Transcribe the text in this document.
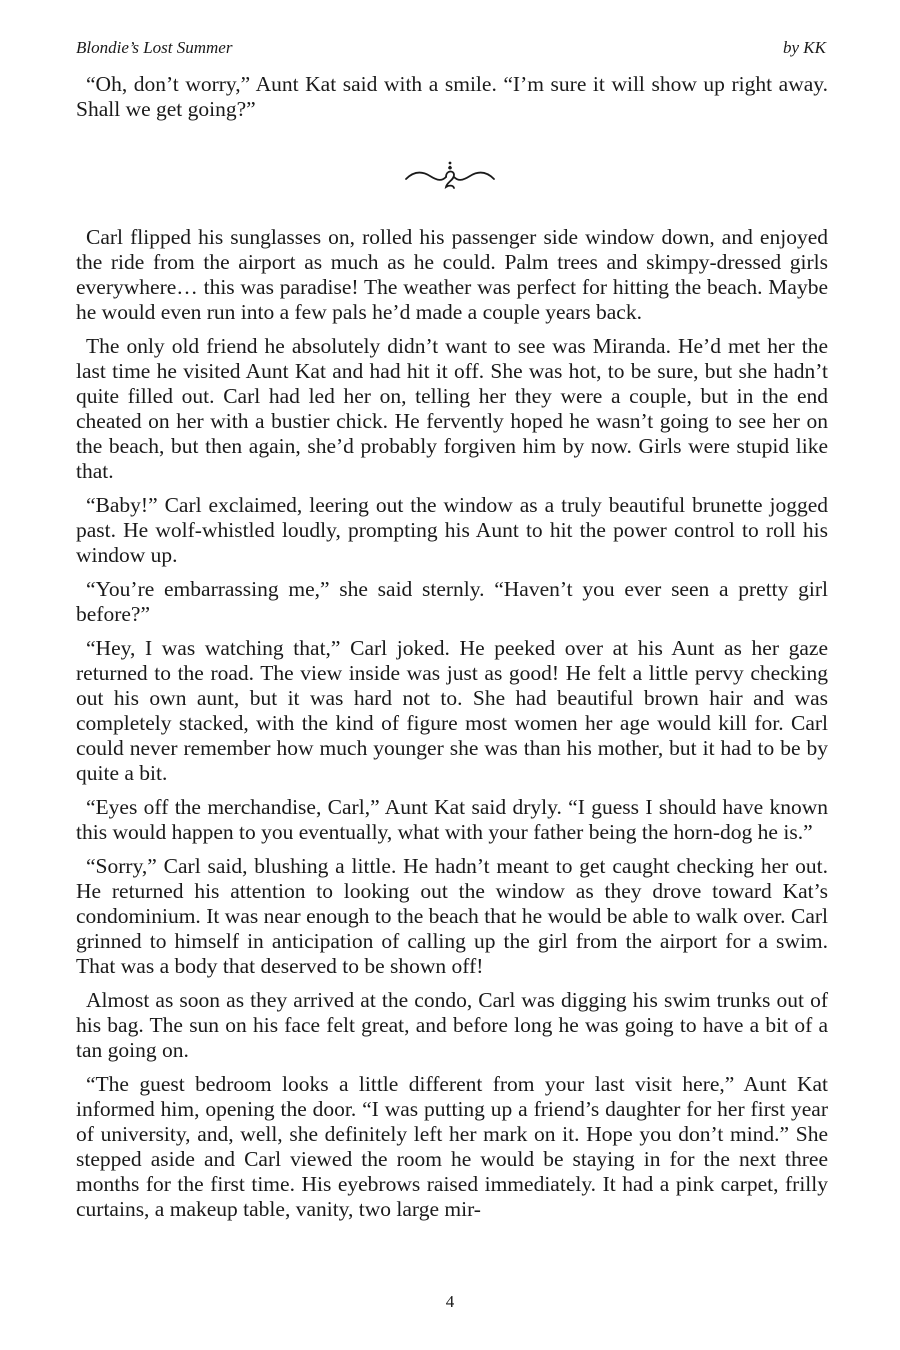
Blondie’s Lost Summer	by KK

“Oh, don’t worry,” Aunt Kat said with a smile. “I’m sure it will show up right away. Shall we get going?”

Carl flipped his sunglasses on, rolled his passenger side window down, and enjoyed the ride from the airport as much as he could. Palm trees and skimpy-dressed girls everywhere… this was paradise! The weather was perfect for hitting the beach. Maybe he would even run into a few pals he’d made a couple years back.

The only old friend he absolutely didn’t want to see was Miranda. He’d met her the last time he visited Aunt Kat and had hit it off. She was hot, to be sure, but she hadn’t quite filled out. Carl had led her on, telling her they were a couple, but in the end cheated on her with a bustier chick. He fervently hoped he wasn’t going to see her on the beach, but then again, she’d probably forgiven him by now. Girls were stupid like that.

“Baby!” Carl exclaimed, leering out the window as a truly beautiful brunette jogged past. He wolf-whistled loudly, prompting his Aunt to hit the power control to roll his window up.

“You’re embarrassing me,” she said sternly. “Haven’t you ever seen a pretty girl before?”

“Hey, I was watching that,” Carl joked. He peeked over at his Aunt as her gaze returned to the road. The view inside was just as good! He felt a little pervy checking out his own aunt, but it was hard not to. She had beautiful brown hair and was completely stacked, with the kind of figure most women her age would kill for. Carl could never remember how much younger she was than his mother, but it had to be by quite a bit.

“Eyes off the merchandise, Carl,” Aunt Kat said dryly. “I guess I should have known this would happen to you eventually, what with your father being the horn-dog he is.”

“Sorry,” Carl said, blushing a little. He hadn’t meant to get caught checking her out. He returned his attention to looking out the window as they drove toward Kat’s condominium. It was near enough to the beach that he would be able to walk over. Carl grinned to himself in anticipation of calling up the girl from the airport for a swim. That was a body that deserved to be shown off!

Almost as soon as they arrived at the condo, Carl was digging his swim trunks out of his bag. The sun on his face felt great, and before long he was going to have a bit of a tan going on.

“The guest bedroom looks a little different from your last visit here,” Aunt Kat informed him, opening the door. “I was putting up a friend’s daughter for her first year of university, and, well, she definitely left her mark on it. Hope you don’t mind.” She stepped aside and Carl viewed the room he would be staying in for the next three months for the first time. His eyebrows raised immediately. It had a pink carpet, frilly curtains, a makeup table, vanity, two large mir-

4
